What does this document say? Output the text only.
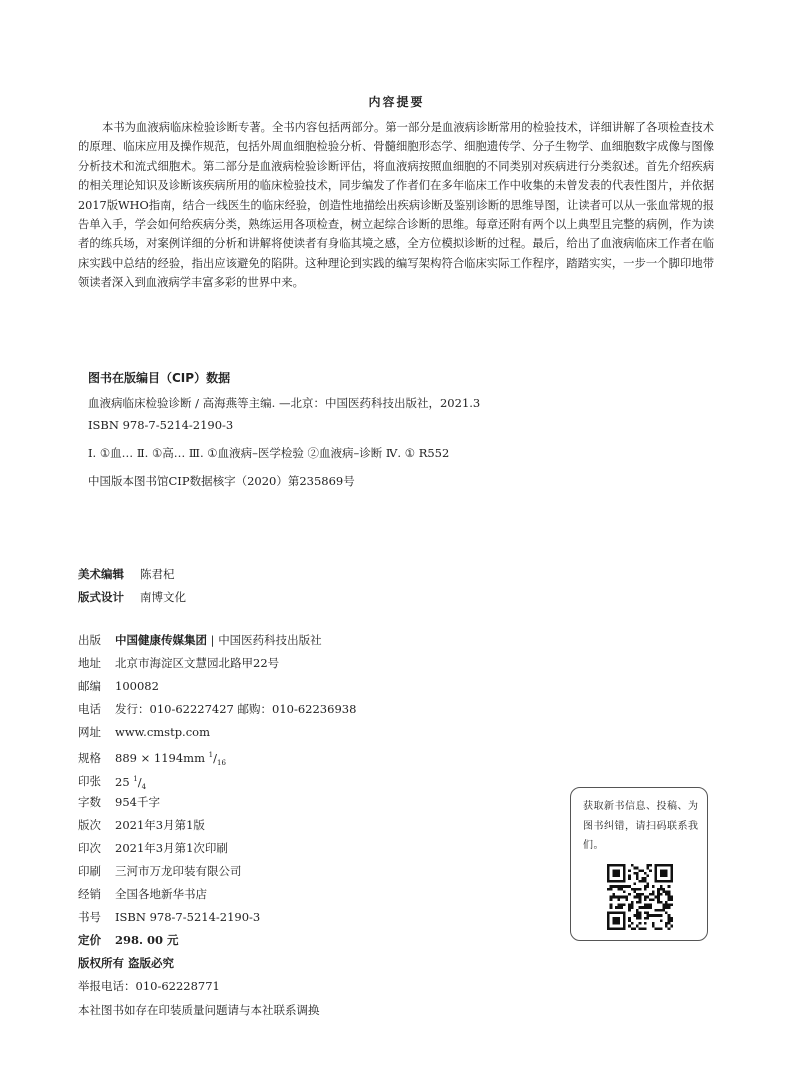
内容提要

本书为血液病临床检验诊断专著。全书内容包括两部分。第一部分是血液病诊断常用的检验技术，详细讲解了各项检查技术的原理、临床应用及操作规范，包括外周血细胞检验分析、骨髓细胞形态学、细胞遗传学、分子生物学、血细胞数字成像与图像分析技术和流式细胞术。第二部分是血液病检验诊断评估，将血液病按照血细胞的不同类别对疾病进行分类叙述。首先介绍疾病的相关理论知识及诊断该疾病所用的临床检验技术，同步编发了作者们在多年临床工作中收集的未曾发表的代表性图片，并依据2017版WHO指南，结合一线医生的临床经验，创造性地描绘出疾病诊断及鉴别诊断的思维导图，让读者可以从一张血常规的报告单入手，学会如何给疾病分类，熟练运用各项检查，树立起综合诊断的思维。每章还附有两个以上典型且完整的病例，作为读者的练兵场，对案例详细的分析和讲解将使读者有身临其境之感，全方位模拟诊断的过程。最后，给出了血液病临床工作者在临床实践中总结的经验，指出应该避免的陷阱。这种理论到实践的编写架构符合临床实际工作程序，踏踏实实，一步一个脚印地带领读者深入到血液病学丰富多彩的世界中来。

图书在版编目（CIP）数据
血液病临床检验诊断 / 高海燕等主编. —北京：中国医药科技出版社，2021.3
ISBN 978-7-5214-2190-3
Ⅰ. ①血… Ⅱ. ①高… Ⅲ. ①血液病–医学检验 ②血液病–诊断 Ⅳ. ① R552
中国版本图书馆CIP数据核字（2020）第235869号
美术编辑 陈君杞
版式设计 南博文化
出版 中国健康传媒集团 | 中国医药科技出版社
地址 北京市海淀区文慧园北路甲22号
邮编 100082
电话 发行：010-62227427 邮购：010-62236938
网址 www.cmstp.com
规格 889 × 1194mm $^1/_{16}$
印张 25 $^1/_4$
字数 954千字
版次 2021年3月第1版
印次 2021年3月第1次印刷
印刷 三河市万龙印装有限公司
经销 全国各地新华书店
书号 ISBN 978-7-5214-2190-3
定价 298. 00 元
版权所有 盗版必究
举报电话：010-62228771
本社图书如存在印装质量问题请与本社联系调换
获取新书信息、投稿、为图书纠错，请扫码联系我们。
